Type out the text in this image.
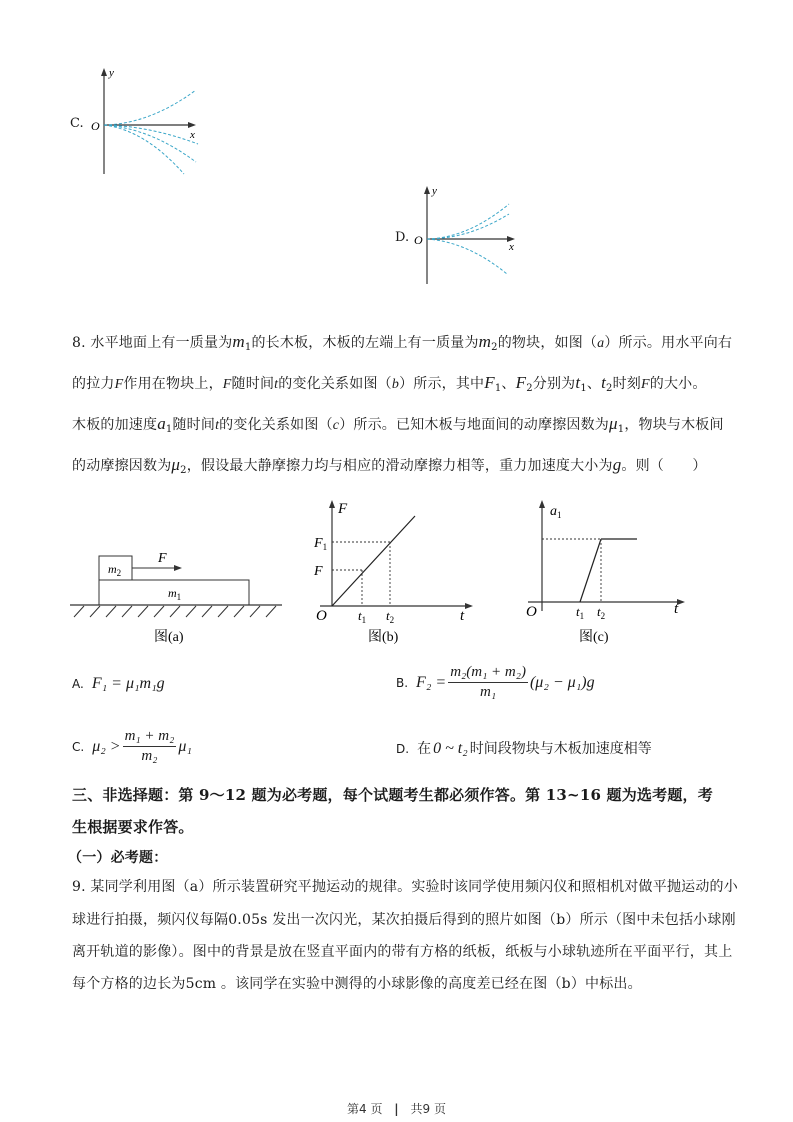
C.
y
O
x
D.
y
O	x
8. 水平地面上有一质量为$m_1$的长木板，木板的左端上有一质量为$m_2$的物块，如图（a）所示。用水平向右
的拉力F作用在物块上，F随时间t的变化关系如图（b）所示，其中$F_1$、$F_2$分别为$t_1$、$t_2$时刻F的大小。
木板的加速度$a_1$随时间t的变化关系如图（c）所示。已知木板与地面间的动摩擦因数为$\mu_1$，物块与木板间
的动摩擦因数为$\mu_2$，假设最大静摩擦力均与相应的滑动摩擦力相等，重力加速度大小为g。则（　　）
$m_2$
$m_1$
F
图(a)
F
$F_1$
F
O $t_1$ $t_2$	t
图(b)
$a_1$
O	$t_1$ $t_2$	t
图(c)
A. F₁ = μ₁m₁g	B. $F_2 = \frac{\text{m₂(m₁ + m₂)}}{\text{m₁}} (\mu_2 - \mu_1)g$
C. $\mu_2 > \frac{\text{m₁ + m₂}}{\text{m₂}} \mu_1$	D. 在 0 ~ t₂ 时间段物块与木板加速度相等
三、非选择题：第 9～12 题为必考题，每个试题考生都必须作答。第 13~16 题为选考题，考
生根据要求作答。
（一）必考题：
9. 某同学利用图（a）所示装置研究平抛运动的规律。实验时该同学使用频闪仪和照相机对做平抛运动的小
球进行拍摄，频闪仪每隔0.05s 发出一次闪光，某次拍摄后得到的照片如图（b）所示（图中未包括小球刚
离开轨道的影像）。图中的背景是放在竖直平面内的带有方格的纸板，纸板与小球轨迹所在平面平行，其上
每个方格的边长为5cm 。该同学在实验中测得的小球影像的高度差已经在图（b）中标出。
第4 页 | 共9 页
